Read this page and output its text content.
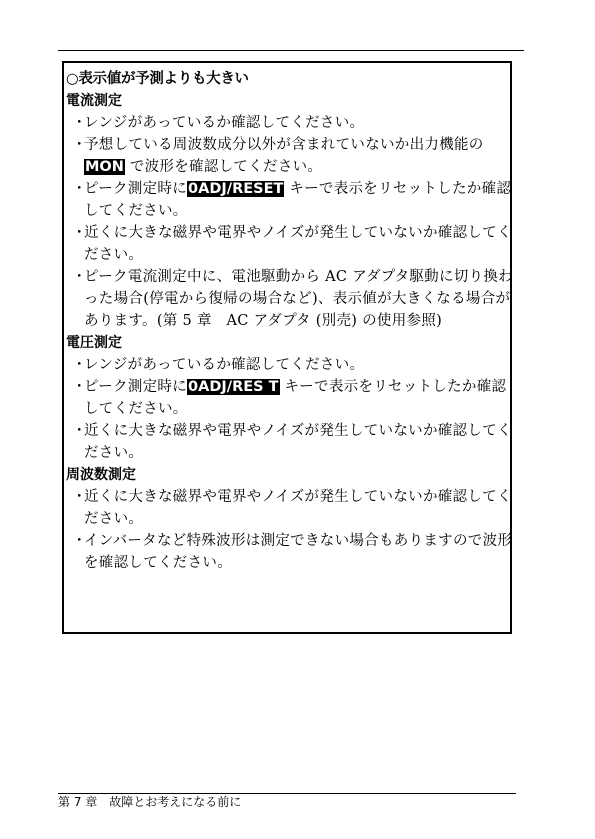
○表示値が予測よりも大きい
電流測定
・
レンジがあっているか確認してください。
・
予想している周波数成分以外が含まれていないか出力機能のMON で波形を確認してください。
・
ピーク測定時に0ADJ/RESET キーで表示をリセットしたか確認してください。
・
近くに大きな磁界や電界やノイズが発生していないか確認してください。
・
ピーク電流測定中に、電池駆動から AC アダプタ駆動に切り換わった場合(停電から復帰の場合など)、表示値が大きくなる場合があります。(第 5 章　AC アダプタ (別売) の使用参照)
電圧測定
・
レンジがあっているか確認してください。
・
ピーク測定時に0ADJ/RES T キーで表示をリセットしたか確認してください。
・
近くに大きな磁界や電界やノイズが発生していないか確認してください。
周波数測定
・
近くに大きな磁界や電界やノイズが発生していないか確認してください。
・
インバータなど特殊波形は測定できない場合もありますので波形を確認してください。
第 7 章　故障とお考えになる前に
